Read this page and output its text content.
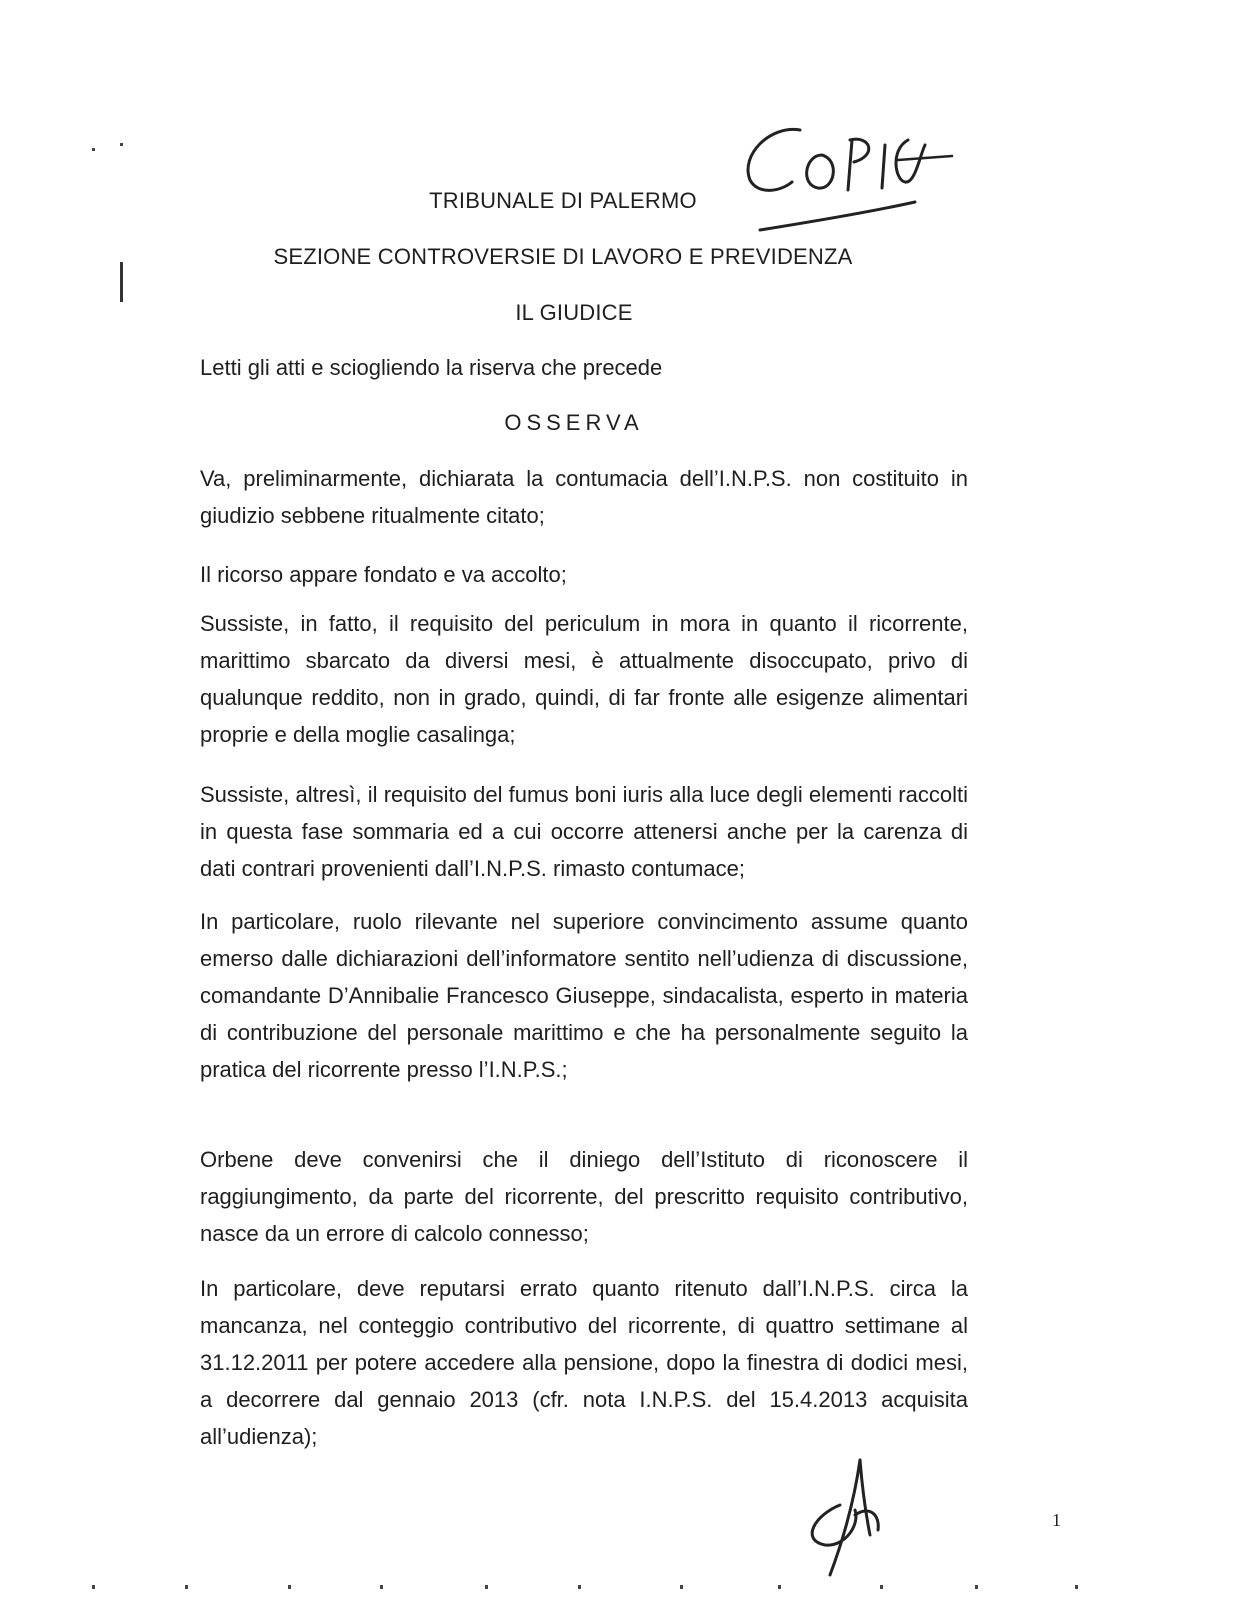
TRIBUNALE DI PALERMO
SEZIONE CONTROVERSIE DI LAVORO E PREVIDENZA
IL GIUDICE
Letti gli atti e sciogliendo la riserva che precede
OSSERVA
Va, preliminarmente, dichiarata la contumacia dell’I.N.P.S. non costituito in giudizio sebbene ritualmente citato;
Il ricorso appare fondato e va accolto;
Sussiste, in fatto, il requisito del periculum in mora in quanto il ricorrente, marittimo sbarcato da diversi mesi, è attualmente disoccupato, privo di qualunque reddito, non in grado, quindi, di far fronte alle esigenze alimentari proprie e della moglie casalinga;
Sussiste, altresì, il requisito del fumus boni iuris alla luce degli elementi raccolti in questa fase sommaria ed a cui occorre attenersi anche per la carenza di dati contrari provenienti dall’I.N.P.S. rimasto contumace;
In particolare, ruolo rilevante nel superiore convincimento assume quanto emerso dalle dichiarazioni dell’informatore sentito nell’udienza di discussione, comandante D’Annibalie Francesco Giuseppe, sindacalista, esperto in materia di contribuzione del personale marittimo e che ha personalmente seguito la pratica del ricorrente presso l’I.N.P.S.;
Orbene deve convenirsi che il diniego dell’Istituto di riconoscere il raggiungimento, da parte del ricorrente, del prescritto requisito contributivo, nasce da un errore di calcolo connesso;
In particolare, deve reputarsi errato quanto ritenuto dall’I.N.P.S. circa la mancanza, nel conteggio contributivo del ricorrente, di quattro settimane al 31.12.2011 per potere accedere alla pensione, dopo la finestra di dodici mesi, a decorrere dal gennaio 2013 (cfr. nota I.N.P.S. del 15.4.2013 acquisita all’udienza);
1
